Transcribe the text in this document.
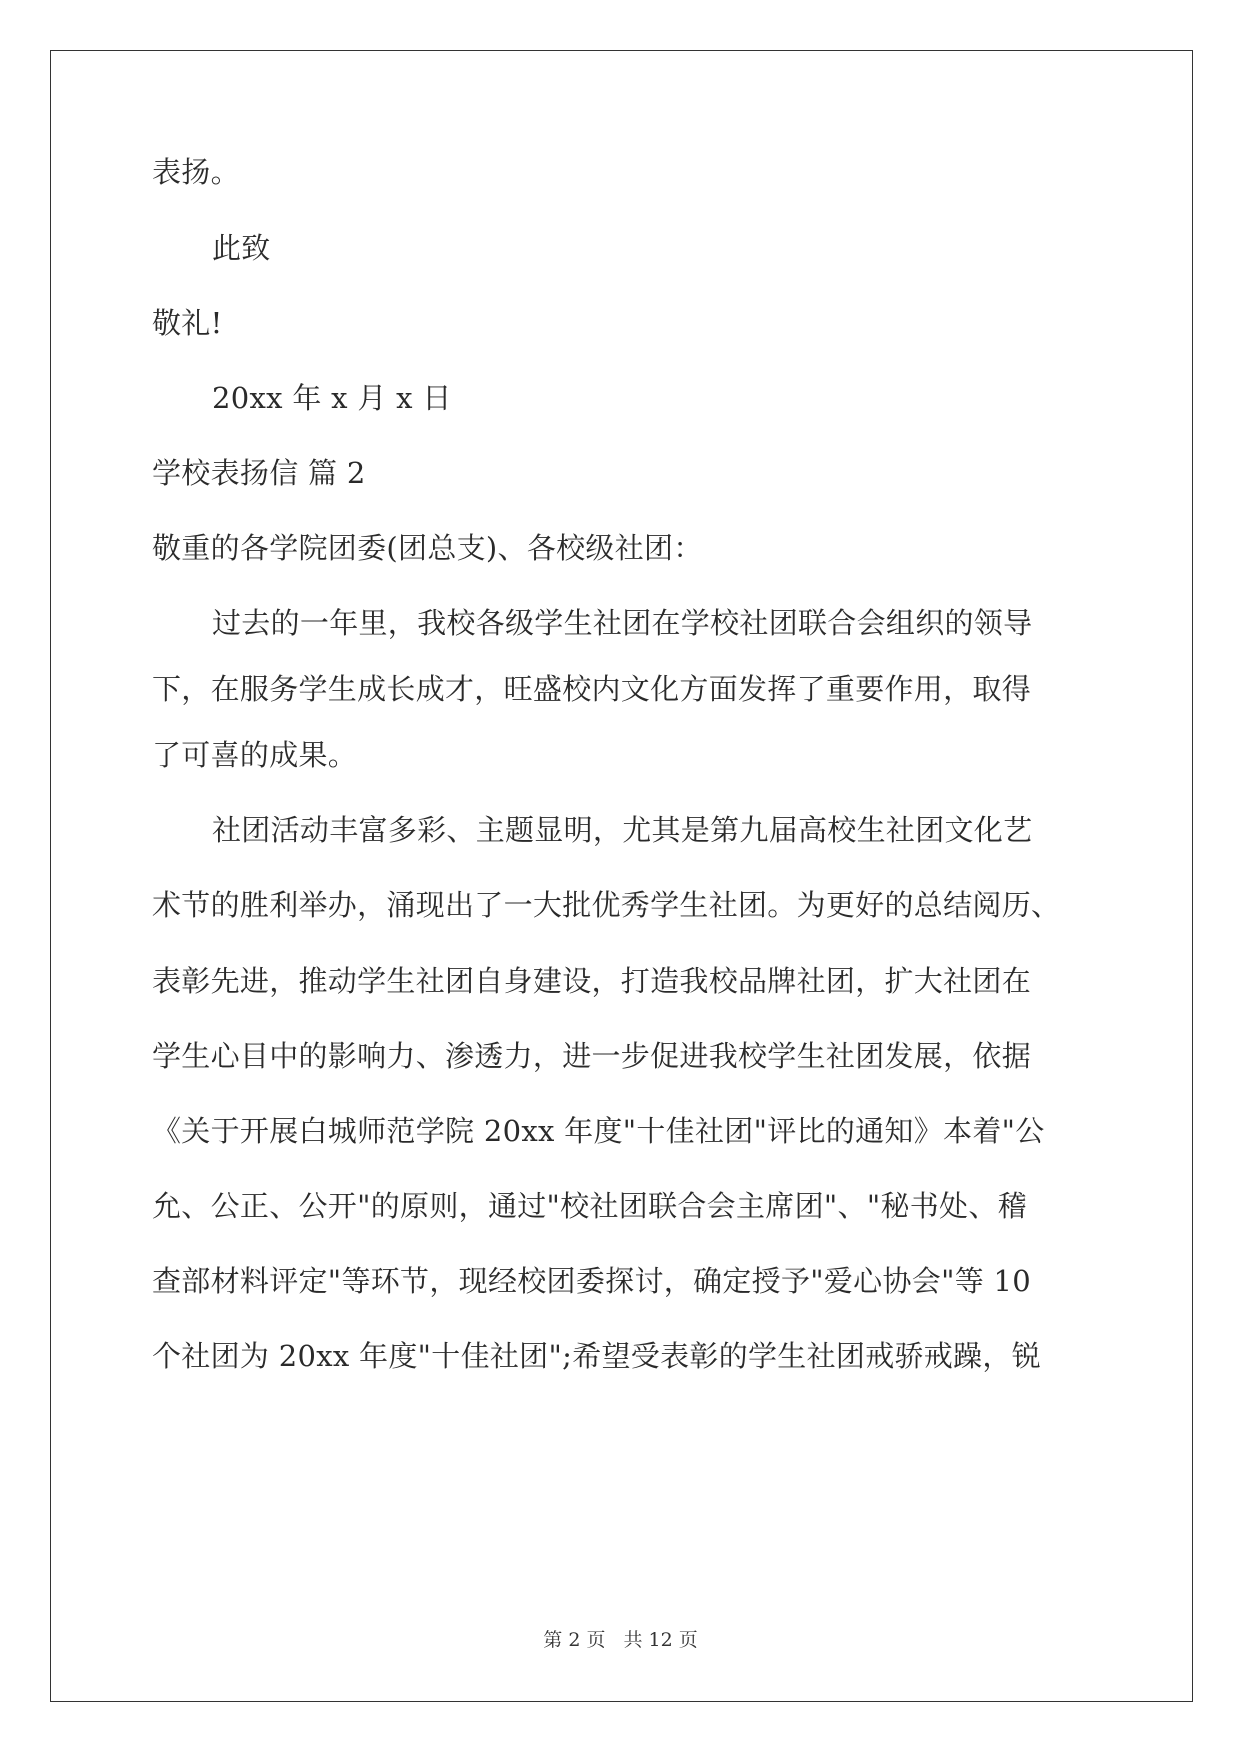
表扬。
此致
敬礼!
20xx 年 x 月 x 日
学校表扬信 篇 2
敬重的各学院团委(团总支)、各校级社团：
过去的一年里，我校各级学生社团在学校社团联合会组织的领导
下，在服务学生成长成才，旺盛校内文化方面发挥了重要作用，取得
了可喜的成果。
社团活动丰富多彩、主题显明，尤其是第九届高校生社团文化艺
术节的胜利举办，涌现出了一大批优秀学生社团。为更好的总结阅历、
表彰先进，推动学生社团自身建设，打造我校品牌社团，扩大社团在
学生心目中的影响力、渗透力，进一步促进我校学生社团发展，依据
《关于开展白城师范学院 20xx 年度"十佳社团"评比的通知》本着"公
允、公正、公开"的原则，通过"校社团联合会主席团"、"秘书处、稽
查部材料评定"等环节，现经校团委探讨，确定授予"爱心协会"等 10
个社团为 20xx 年度"十佳社团";希望受表彰的学生社团戒骄戒躁，锐
第 2 页 共 12 页
